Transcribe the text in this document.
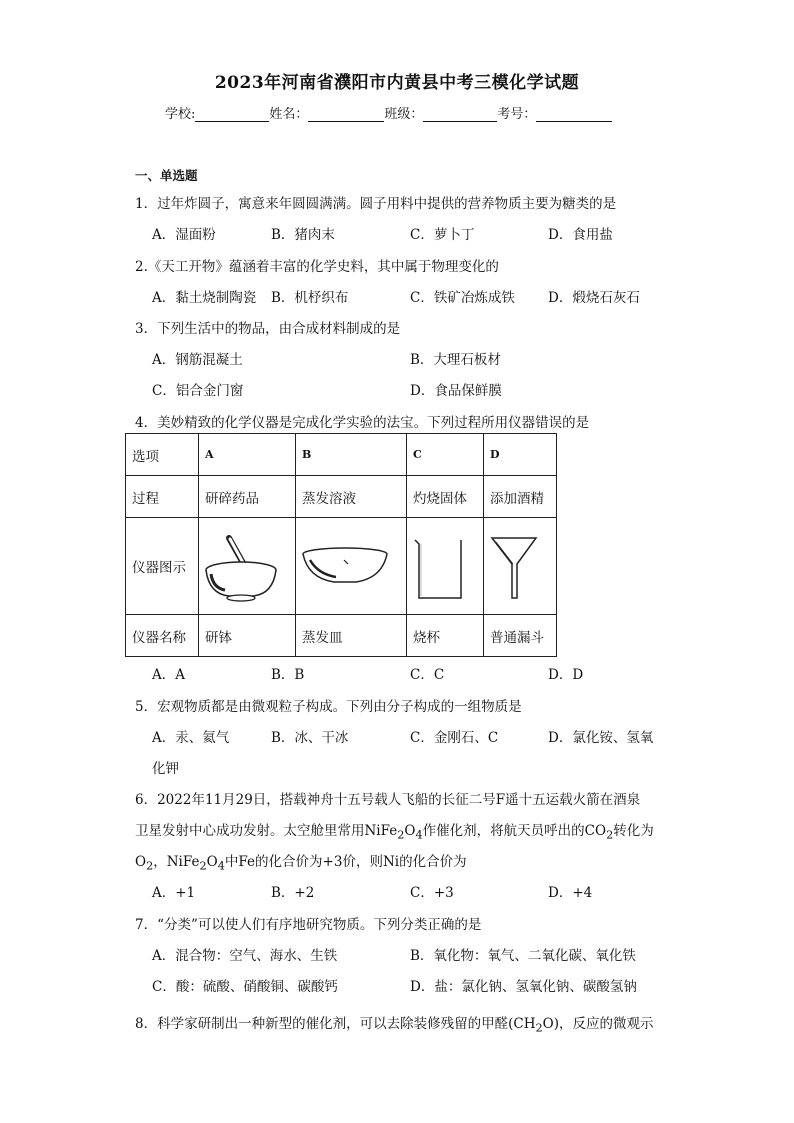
2023年河南省濮阳市内黄县中考三模化学试题
学校:	姓名：	班级：	考号：
一、单选题
1．过年炸圆子，寓意来年圆圆满满。圆子用料中提供的营养物质主要为糖类的是
A．湿面粉	B．猪肉末	C．萝卜丁	D．食用盐
2.《天工开物》蕴涵着丰富的化学史料，其中属于物理变化的
A．黏土烧制陶瓷 B．机杼织布	C．铁矿冶炼成铁 D．煅烧石灰石
3．下列生活中的物品，由合成材料制成的是
A．钢筋混凝土	B．大理石板材
C．铝合金门窗	D．食品保鲜膜
4．美妙精致的化学仪器是完成化学实验的法宝。下列过程所用仪器错误的是
选项	A	B	C	D
过程	研碎药品	蒸发溶液	灼烧固体	添加酒精
仪器图示				
仪器名称	研钵	蒸发皿	烧杯	普通漏斗
A．A	B．B	C．C	D．D
5．宏观物质都是由微观粒子构成。下列由分子构成的一组物质是
A．汞、氦气	B．冰、干冰	C．金刚石、C	D．氯化铵、氢氧
化钾
6．2022年11月29日，搭载神舟十五号载人飞船的长征二号F遥十五运载火箭在酒泉
卫星发射中心成功发射。太空舱里常用$NiFe_2O_4$作催化剂，将航天员呼出的$CO_2$转化为
$O_2$，$NiFe_2O_4$中Fe的化合价为+3价，则Ni的化合价为
A．+1	B．+2	C．+3	D．+4
7．“分类”可以使人们有序地研究物质。下列分类正确的是
A．混合物：空气、海水、生铁	B．氧化物：氧气、二氧化碳、氧化铁
C．酸：硫酸、硝酸铜、碳酸钙	D．盐：氯化钠、氢氧化钠、碳酸氢钠
8．科学家研制出一种新型的催化剂，可以去除装修残留的甲醛$(CH_2O)$，反应的微观示
